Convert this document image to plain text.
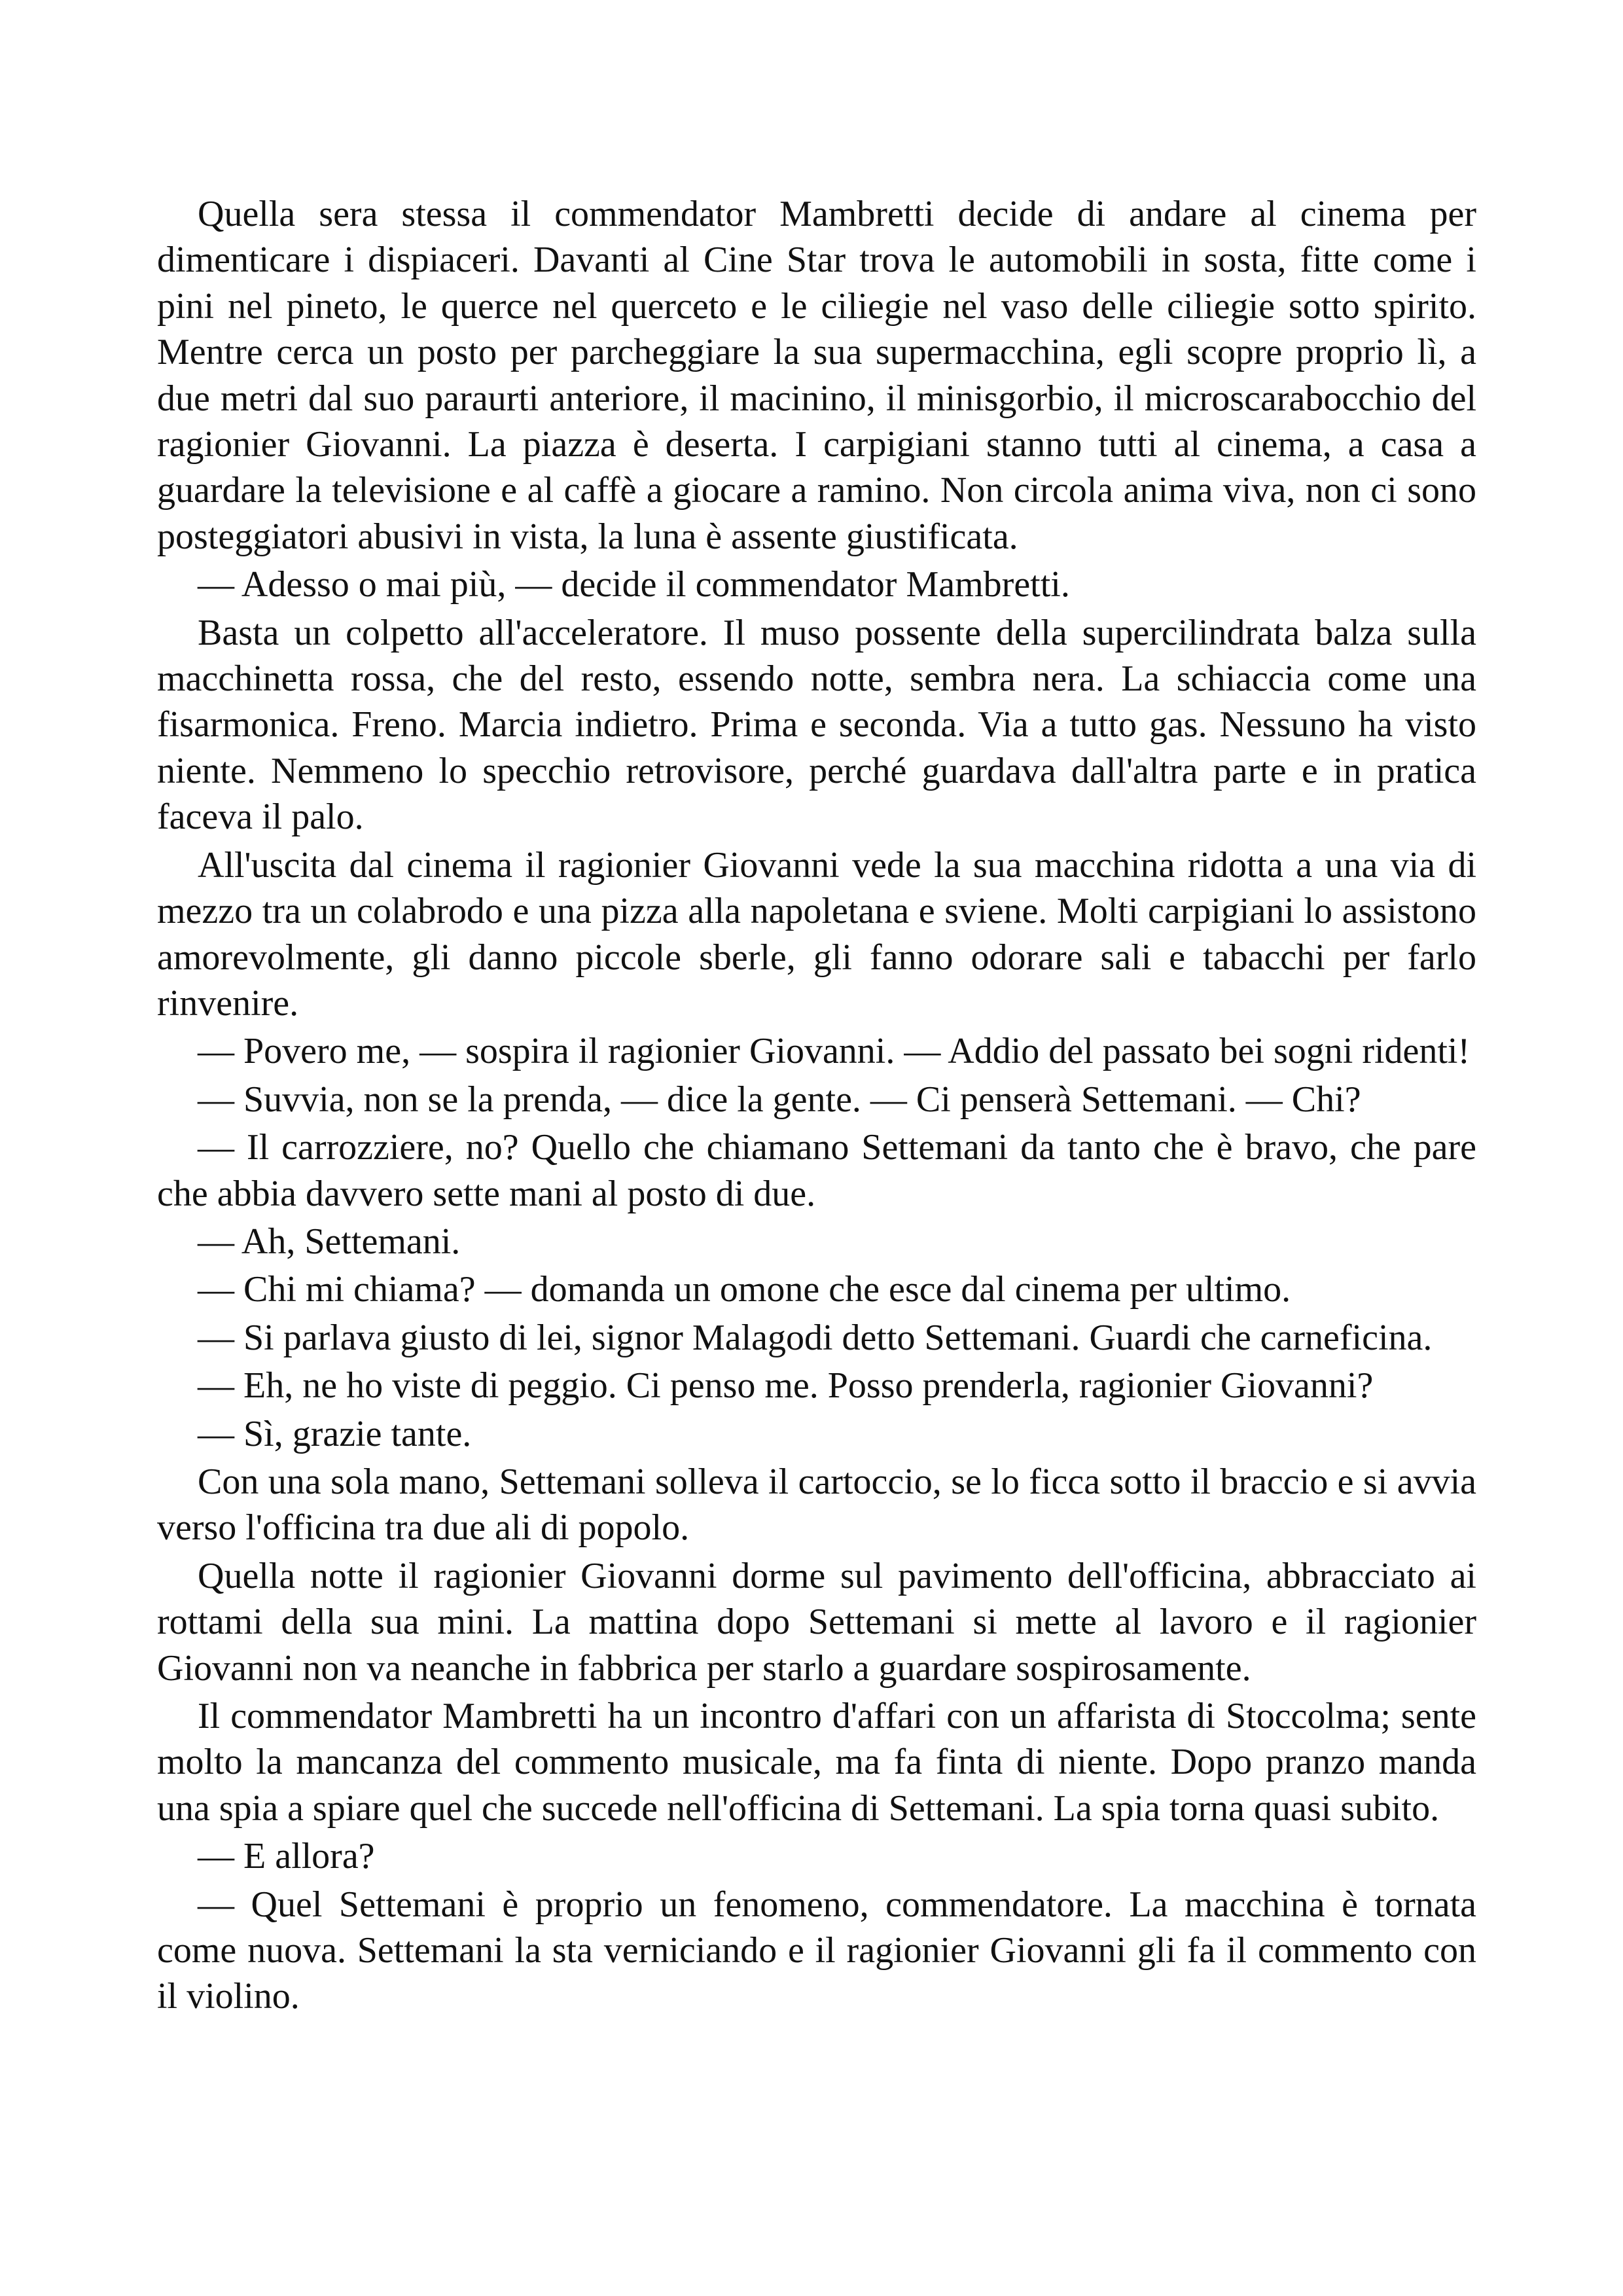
Quella sera stessa il commendator Mambretti decide di andare al cinema per dimenticare i dispiaceri. Davanti al Cine Star trova le automobili in sosta, fitte come i pini nel pineto, le querce nel querceto e le ciliegie nel vaso delle ciliegie sotto spirito. Mentre cerca un posto per parcheggiare la sua supermacchina, egli scopre proprio lì, a due metri dal suo paraurti anteriore, il macinino, il minisgorbio, il microscarabocchio del ragionier Giovanni. La piazza è deserta. I carpigiani stanno tutti al cinema, a casa a guardare la televisione e al caffè a giocare a ramino. Non circola anima viva, non ci sono posteggiatori abusivi in vista, la luna è assente giustificata.

— Adesso o mai più, — decide il commendator Mambretti.

Basta un colpetto all'acceleratore. Il muso possente della supercilindrata balza sulla macchinetta rossa, che del resto, essendo notte, sembra nera. La schiaccia come una fisarmonica. Freno. Marcia indietro. Prima e seconda. Via a tutto gas. Nessuno ha visto niente. Nemmeno lo specchio retrovisore, perché guardava dall'altra parte e in pratica faceva il palo.

All'uscita dal cinema il ragionier Giovanni vede la sua macchina ridotta a una via di mezzo tra un colabrodo e una pizza alla napoletana e sviene. Molti carpigiani lo assistono amorevolmente, gli danno piccole sberle, gli fanno odorare sali e tabacchi per farlo rinvenire.

— Povero me, — sospira il ragionier Giovanni. — Addio del passato bei sogni ridenti!

— Suvvia, non se la prenda, — dice la gente. — Ci penserà Settemani. — Chi?

— Il carrozziere, no? Quello che chiamano Settemani da tanto che è bravo, che pare che abbia davvero sette mani al posto di due.

— Ah, Settemani.

— Chi mi chiama? — domanda un omone che esce dal cinema per ultimo.

— Si parlava giusto di lei, signor Malagodi detto Settemani. Guardi che carneficina.

— Eh, ne ho viste di peggio. Ci penso me. Posso prenderla, ragionier Giovanni?

— Sì, grazie tante.

Con una sola mano, Settemani solleva il cartoccio, se lo ficca sotto il braccio e si avvia verso l'officina tra due ali di popolo.

Quella notte il ragionier Giovanni dorme sul pavimento dell'officina, abbracciato ai rottami della sua mini. La mattina dopo Settemani si mette al lavoro e il ragionier Giovanni non va neanche in fabbrica per starlo a guardare sospirosamente.

Il commendator Mambretti ha un incontro d'affari con un affarista di Stoccolma; sente molto la mancanza del commento musicale, ma fa finta di niente. Dopo pranzo manda una spia a spiare quel che succede nell'officina di Settemani. La spia torna quasi subito.

— E allora?

— Quel Settemani è proprio un fenomeno, commendatore. La macchina è tornata come nuova. Settemani la sta verniciando e il ragionier Giovanni gli fa il commento con il violino.
